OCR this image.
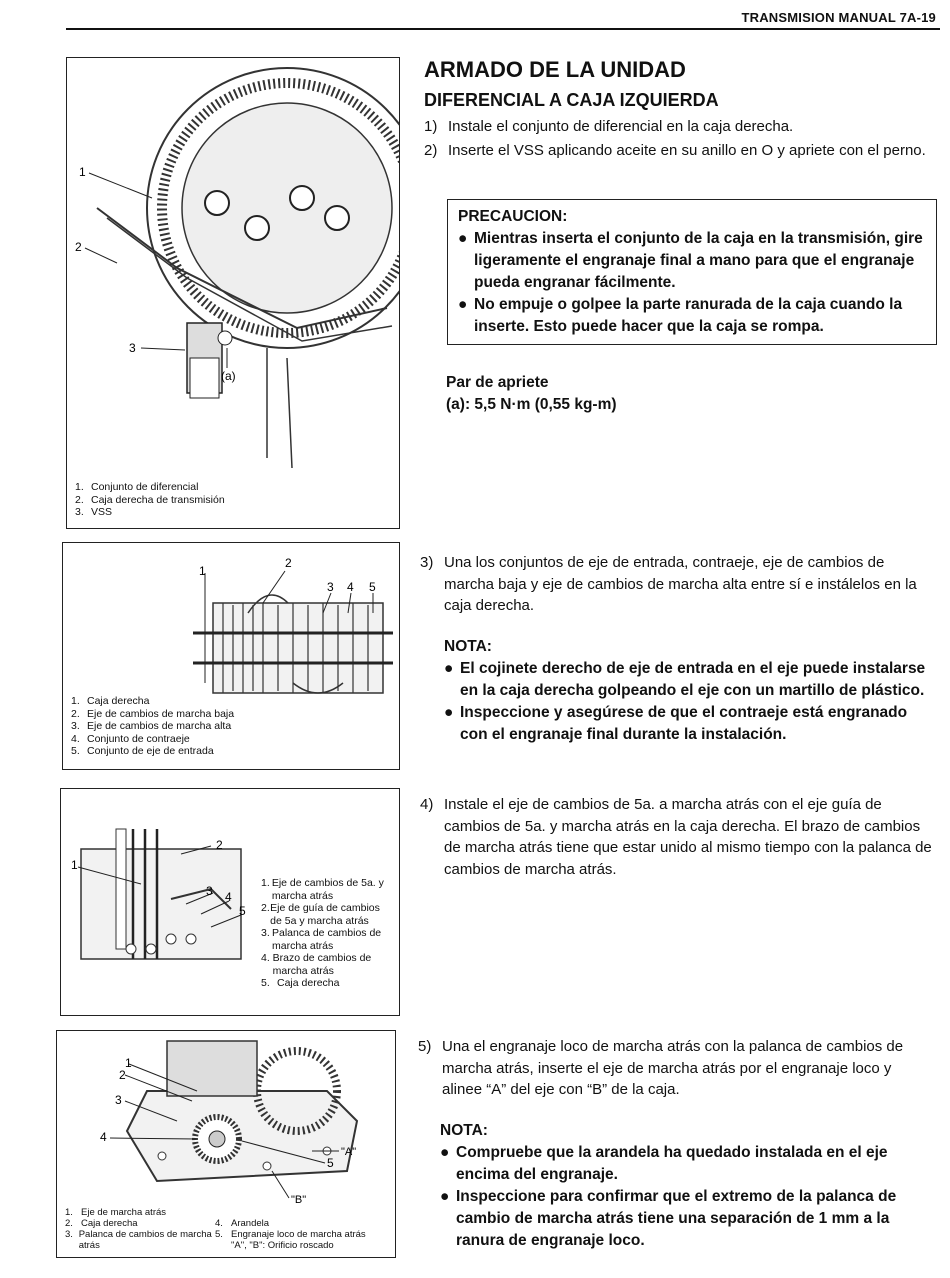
TRANSMISION MANUAL 7A-19
1
2
3
(a)
1. Conjunto de diferencial
2. Caja derecha de transmisión
3. VSS
ARMADO DE LA UNIDAD
DIFERENCIAL A CAJA IZQUIERDA
1) Instale el conjunto de diferencial en la caja derecha.
2) Inserte el VSS aplicando aceite en su anillo en O y apriete con el perno.
PRECAUCION:
● Mientras inserta el conjunto de la caja en la transmisión, gire ligeramente el engranaje final a mano para que el engranaje pueda engranar fácilmente.
● No empuje o golpee la parte ranurada de la caja cuando la inserte. Esto puede hacer que la caja se rompa.
Par de apriete
(a): 5,5 N·m (0,55 kg-m)
1
2
3 4 5
1. Caja derecha
2. Eje de cambios de marcha baja
3. Eje de cambios de marcha alta
4. Conjunto de contraeje
5. Conjunto de eje de entrada
3) Una los conjuntos de eje de entrada, contraeje, eje de cambios de marcha baja y eje de cambios de marcha alta entre sí e instálelos en la caja derecha.
NOTA:
● El cojinete derecho de eje de entrada en el eje puede instalarse en la caja derecha golpeando el eje con un martillo de plástico.
● Inspeccione y asegúrese de que el contraeje está engranado con el engranaje final durante la instalación.
1
2
3 4
5
1. Eje de cambios de 5a. y marcha atrás
2. Eje de guía de cambios de 5a y marcha atrás
3. Palanca de cambios de marcha atrás
4. Brazo de cambios de marcha atrás
5. Caja derecha
4) Instale el eje de cambios de 5a. a marcha atrás con el eje guía de cambios de 5a. y marcha atrás en la caja derecha. El brazo de cambios de marcha atrás tiene que estar unido al mismo tiempo con la palanca de cambios de marcha atrás.
1
2
3
4
5
"A"
"B"
1. Eje de marcha atrás
2. Caja derecha
3. Palanca de cambios de marcha atrás
4. Arandela
5. Engranaje loco de marcha atrás
"A", "B": Orificio roscado
5) Una el engranaje loco de marcha atrás con la palanca de cambios de marcha atrás, inserte el eje de marcha atrás por el engranaje loco y alinee “A” del eje con “B” de la caja.
NOTA:
● Compruebe que la arandela ha quedado instalada en el eje encima del engranaje.
● Inspeccione para confirmar que el extremo de la palanca de cambio de marcha atrás tiene una separación de 1 mm a la ranura de engranaje loco.
